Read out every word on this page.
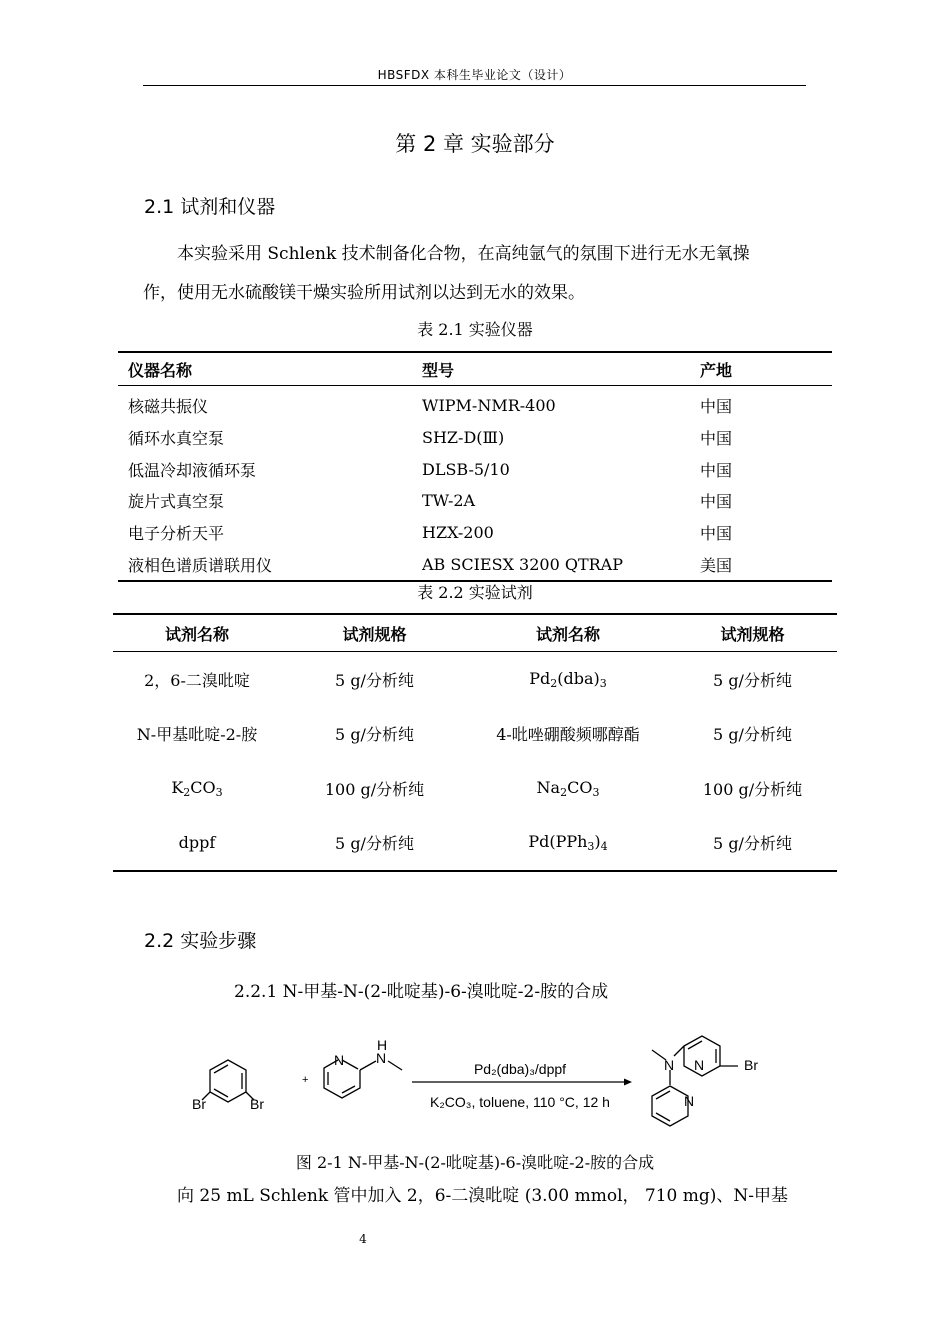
HBSFDX 本科生毕业论文（设计）
第 2 章 实验部分
2.1 试剂和仪器
本实验采用 Schlenk 技术制备化合物，在高纯氩气的氛围下进行无水无氧操
作，使用无水硫酸镁干燥实验所用试剂以达到无水的效果。
表 2.1 实验仪器
仪器名称	型号	产地
核磁共振仪	WIPM-NMR-400	中国
循环水真空泵	SHZ-D(Ⅲ)	中国
低温冷却液循环泵	DLSB-5/10	中国
旋片式真空泵	TW-2A	中国
电子分析天平	HZX-200	中国
液相色谱质谱联用仪	AB SCIESX 3200 QTRAP	美国
表 2.2 实验试剂
试剂名称	试剂规格	试剂名称	试剂规格
2，6-二溴吡啶	5 g/分析纯	$Pd_2(dba)_3$	5 g/分析纯
N-甲基吡啶-2-胺	5 g/分析纯	4-吡唑硼酸频哪醇酯	5 g/分析纯
$K_2CO_3$	100 g/分析纯	$Na_2CO_3$	100 g/分析纯
dppf	5 g/分析纯	$Pd(PPh_3)_4$	5 g/分析纯
2.2 实验步骤
2.2.1 N-甲基-N-(2-吡啶基)-6-溴吡啶-2-胺的合成
Br	Br
+
N N
H
Pd₂(dba)₃/dppf
K₂CO₃, toluene, 110 °C, 12 h
N N	Br
N
图 2-1 N-甲基-N-(2-吡啶基)-6-溴吡啶-2-胺的合成
向 25 mL Schlenk 管中加入 2，6-二溴吡啶 (3.00 mmol， 710 mg)、N-甲基
4
